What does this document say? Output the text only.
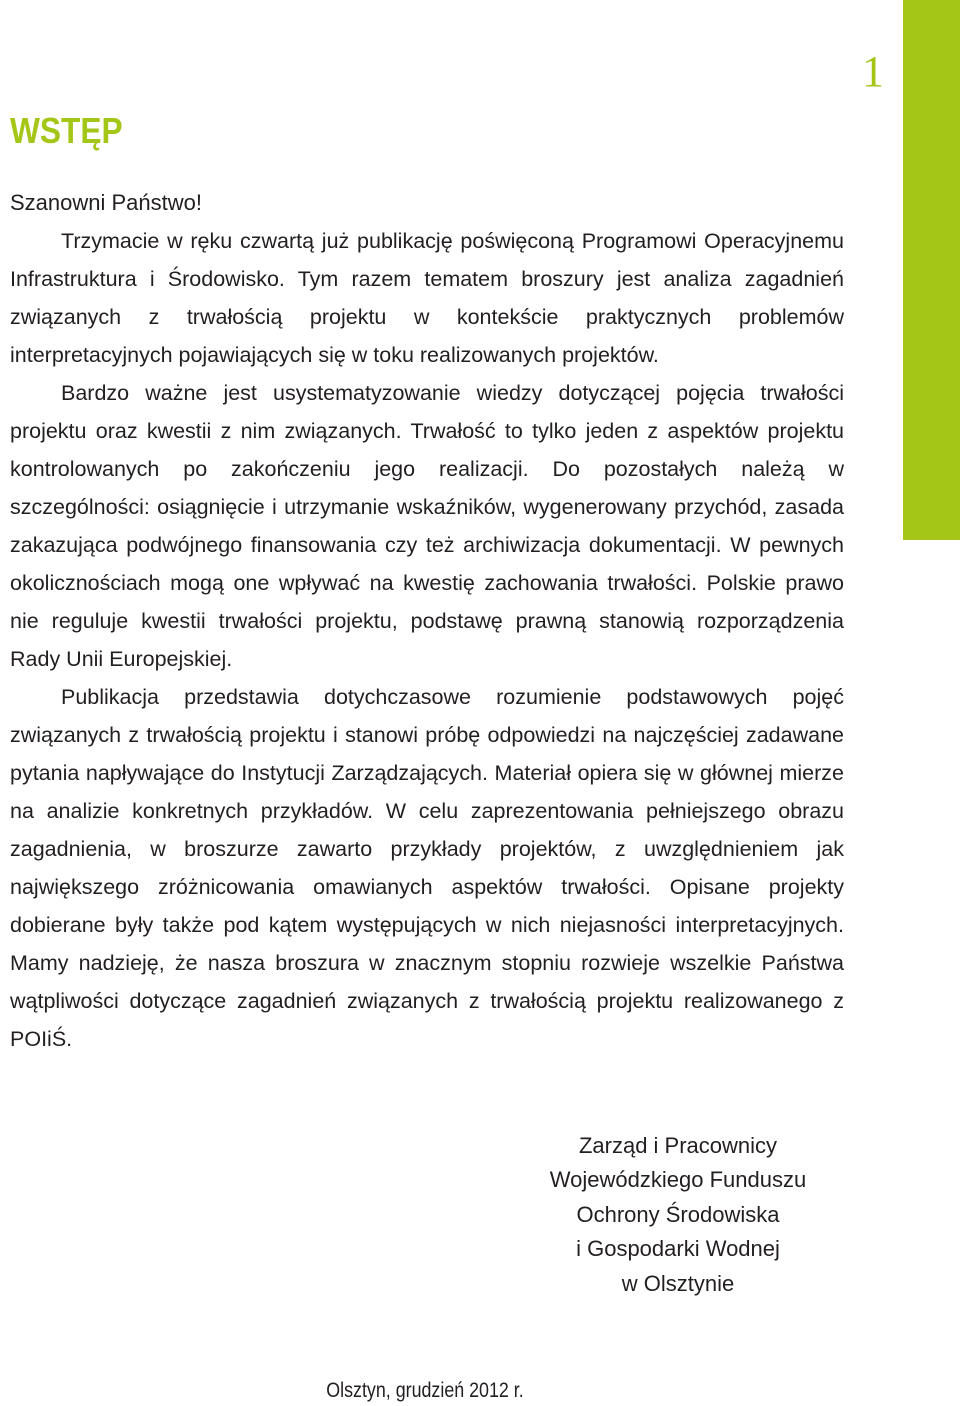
1
WSTĘP

Szanowni Państwo!

Trzymacie w ręku czwartą już publikację poświęconą Programowi Operacyjnemu Infrastruktura i Środowisko. Tym razem tematem broszury jest analiza zagadnień związanych z trwałością projektu w kontekście praktycznych problemów interpretacyjnych pojawiających się w toku realizowanych projektów.

Bardzo ważne jest usystematyzowanie wiedzy dotyczącej pojęcia trwałości projektu oraz kwestii z nim związanych. Trwałość to tylko jeden z aspektów projektu kontrolowanych po zakończeniu jego realizacji. Do pozostałych należą w szczególności: osiągnięcie i utrzymanie wskaźników, wygenerowany przychód, zasada zakazująca podwójnego finansowania czy też archiwizacja dokumentacji. W pewnych okolicznościach mogą one wpływać na kwestię zachowania trwałości. Polskie prawo nie reguluje kwestii trwałości projektu, podstawę prawną stanowią rozporządzenia Rady Unii Europejskiej.

Publikacja przedstawia dotychczasowe rozumienie podstawowych pojęć związanych z trwałością projektu i stanowi próbę odpowiedzi na najczęściej zadawane pytania napływające do Instytucji Zarządzających. Materiał opiera się w głównej mierze na analizie konkretnych przykładów. W celu zaprezentowania pełniejszego obrazu zagadnienia, w broszurze zawarto przykłady projektów, z uwzględnieniem jak największego zróżnicowania omawianych aspektów trwałości. Opisane projekty dobierane były także pod kątem występujących w nich niejasności interpretacyjnych. Mamy nadzieję, że nasza broszura w znacznym stopniu rozwieje wszelkie Państwa wątpliwości dotyczące zagadnień związanych z trwałością projektu realizowanego z POIiŚ.

Zarząd i Pracownicy
Wojewódzkiego Funduszu
Ochrony Środowiska
i Gospodarki Wodnej
w Olsztynie
Olsztyn, grudzień 2012 r.
